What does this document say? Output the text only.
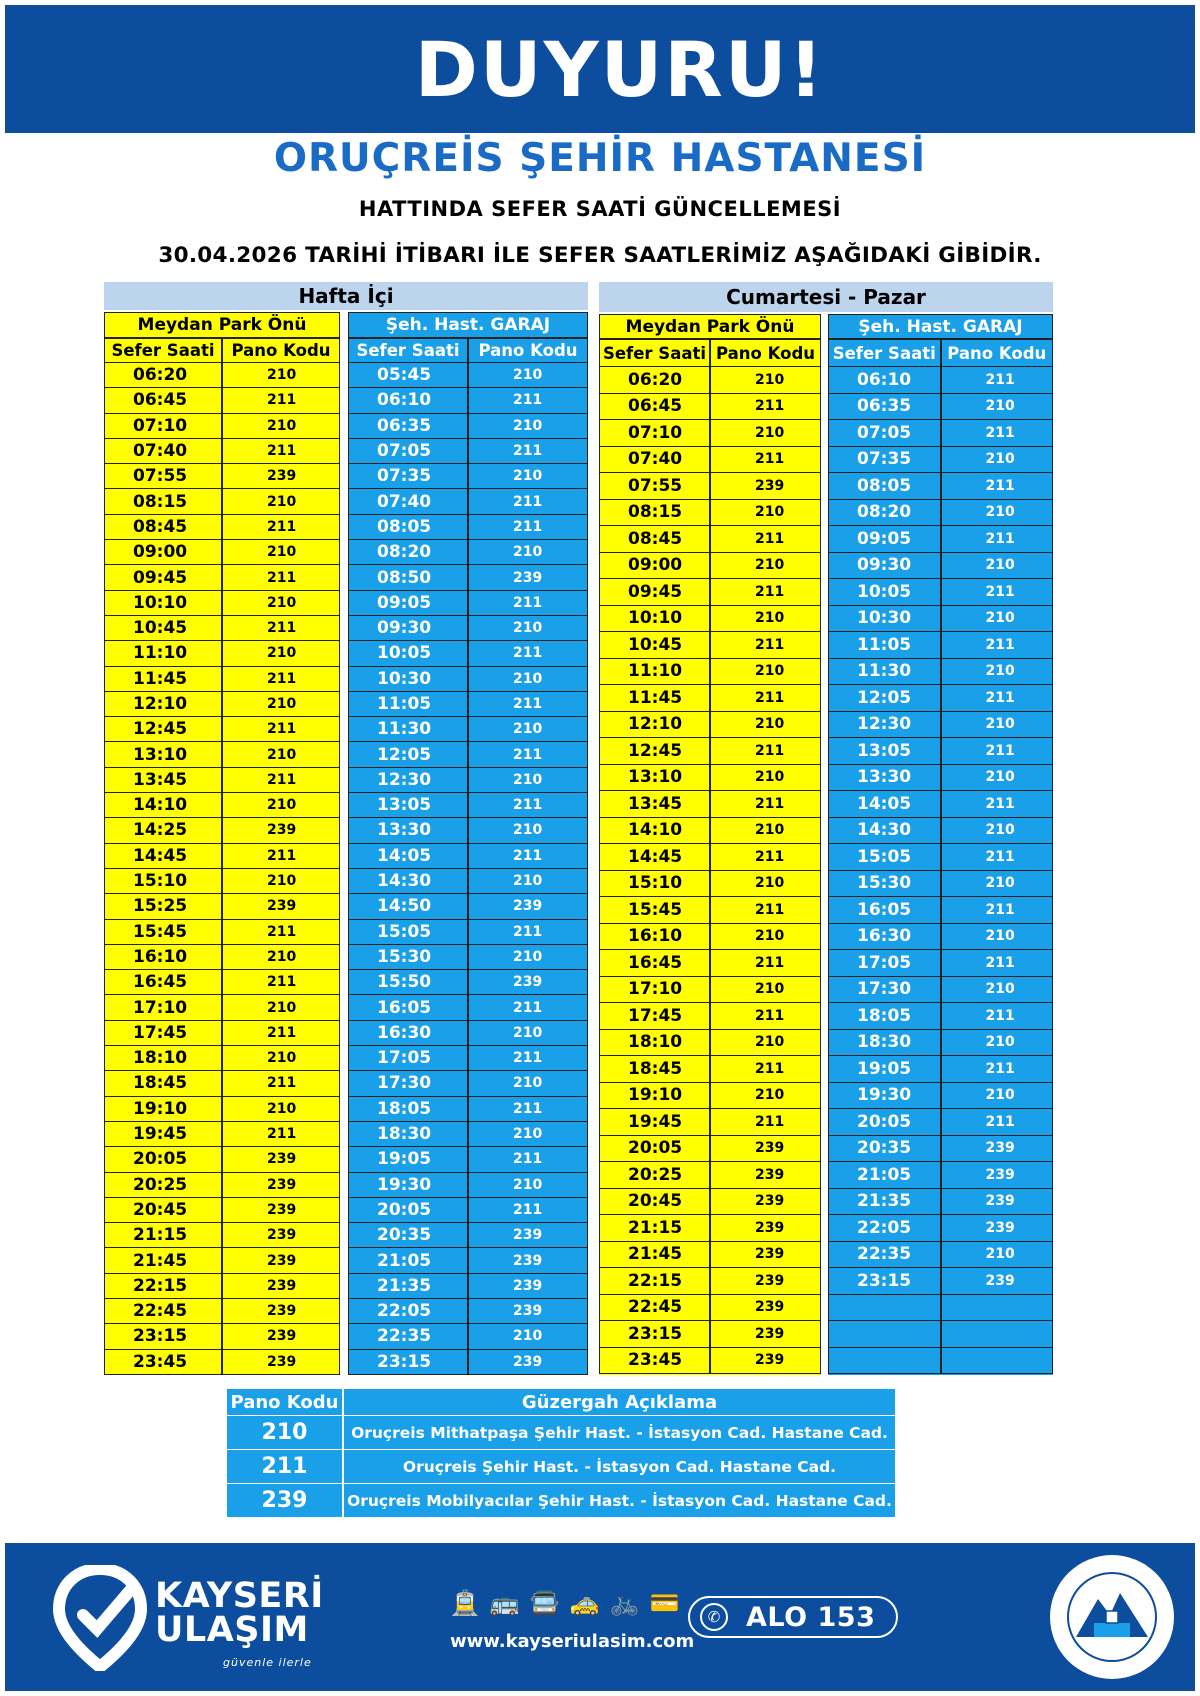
DUYURU!
ORUÇREİS ŞEHİR HASTANESİ
HATTINDA SEFER SAATİ GÜNCELLEMESİ
30.04.2026 TARİHİ İTİBARI İLE SEFER SAATLERİMİZ AŞAĞIDAKİ GİBİDİR.
Hafta İçi
Meydan Park Önü
Sefer Saati	Pano Kodu
06:20	210
06:45	211
07:10	210
07:40	211
07:55	239
08:15	210
08:45	211
09:00	210
09:45	211
10:10	210
10:45	211
11:10	210
11:45	211
12:10	210
12:45	211
13:10	210
13:45	211
14:10	210
14:25	239
14:45	211
15:10	210
15:25	239
15:45	211
16:10	210
16:45	211
17:10	210
17:45	211
18:10	210
18:45	211
19:10	210
19:45	211
20:05	239
20:25	239
20:45	239
21:15	239
21:45	239
22:15	239
22:45	239
23:15	239
23:45	239
Şeh. Hast. GARAJ
Sefer Saati	Pano Kodu
05:45	210
06:10	211
06:35	210
07:05	211
07:35	210
07:40	211
08:05	211
08:20	210
08:50	239
09:05	211
09:30	210
10:05	211
10:30	210
11:05	211
11:30	210
12:05	211
12:30	210
13:05	211
13:30	210
14:05	211
14:30	210
14:50	239
15:05	211
15:30	210
15:50	239
16:05	211
16:30	210
17:05	211
17:30	210
18:05	211
18:30	210
19:05	211
19:30	210
20:05	211
20:35	239
21:05	239
21:35	239
22:05	239
22:35	210
23:15	239
Cumartesi - Pazar
Meydan Park Önü
Sefer Saati Pano Kodu
06:20	210
06:45	211
07:10	210
07:40	211
07:55	239
08:15	210
08:45	211
09:00	210
09:45	211
10:10	210
10:45	211
11:10	210
11:45	211
12:10	210
12:45	211
13:10	210
13:45	211
14:10	210
14:45	211
15:10	210
15:45	211
16:10	210
16:45	211
17:10	210
17:45	211
18:10	210
18:45	211
19:10	210
19:45	211
20:05	239
20:25	239
20:45	239
21:15	239
21:45	239
22:15	239
22:45	239
23:15	239
23:45	239
Şeh. Hast. GARAJ
Sefer Saati Pano Kodu
06:10	211
06:35	210
07:05	211
07:35	210
08:05	211
08:20	210
09:05	211
09:30	210
10:05	211
10:30	210
11:05	211
11:30	210
12:05	211
12:30	210
13:05	211
13:30	210
14:05	211
14:30	210
15:05	211
15:30	210
16:05	211
16:30	210
17:05	211
17:30	210
18:05	211
18:30	210
19:05	211
19:30	210
20:05	211
20:35	239
21:05	239
21:35	239
22:05	239
22:35	210
23:15	239
Pano Kodu	Güzergah Açıklama
210	Oruçreis Mithatpaşa Şehir Hast. - İstasyon Cad. Hastane Cad.
211	Oruçreis Şehir Hast. - İstasyon Cad. Hastane Cad.
239	Oruçreis Mobilyacılar Şehir Hast. - İstasyon Cad. Hastane Cad.
KAYSERİ
ULAŞIM
güvenle ilerle
🚊 🚌 🚍 🚕 🚲 💳
www.kayseriulasim.com
✆ ALO 153
